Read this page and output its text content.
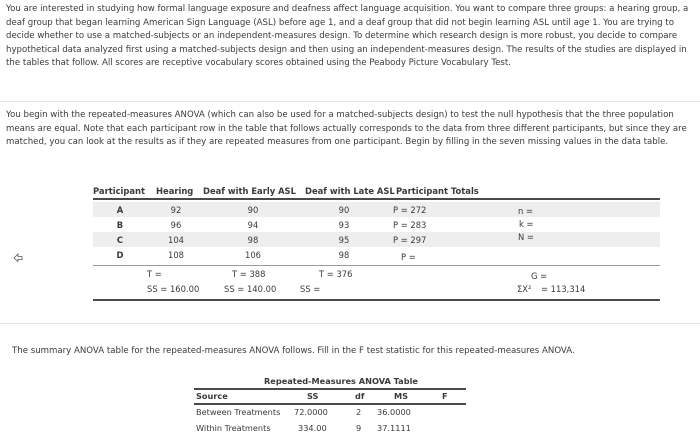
You are interested in studying how formal language exposure and deafness affect language acquisition. You want to compare three groups: a hearing group, a deaf group that began learning American Sign Language (ASL) before age 1, and a deaf group that did not begin learning ASL until age 1. You are trying to decide whether to use a matched-subjects or an independent-measures design. To determine which research design is more robust, you decide to compare hypothetical data analyzed first using a matched-subjects design and then using an independent-measures design. The results of the studies are displayed in the tables that follow. All scores are receptive vocabulary scores obtained using the Peabody Picture Vocabulary Test.

You begin with the repeated-measures ANOVA (which can also be used for a matched-subjects design) to test the null hypothesis that the three population means are equal. Note that each participant row in the table that follows actually corresponds to the data from three different participants, but since they are matched, you can look at the results as if they are repeated measures from one participant. Begin by filling in the seven missing values in the data table.

Participant Hearing Deaf with Early ASL Deaf with Late ASL Participant Totals
A	92	90	90	P = 272
B	96	94	93	P = 283
C	104	98	95	P = 297
D	108	106	98	P =
n =
k =
N =
T =	T = 388	T = 376	G =
SS = 160.00	SS = 140.00	SS =	ΣX² = 113,314

The summary ANOVA table for the repeated-measures ANOVA follows. Fill in the F test statistic for this repeated-measures ANOVA.

Repeated-Measures ANOVA Table
Source	SS	df	MS	F
Between Treatments 72.0000	2 36.0000
Within Treatments	334.00	9 37.1111
